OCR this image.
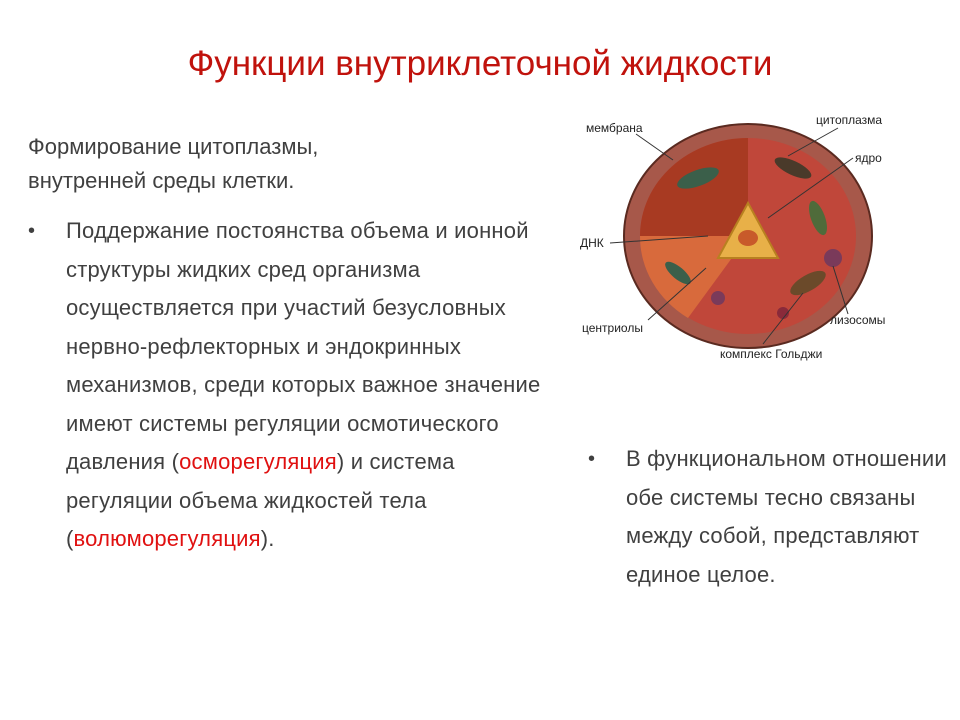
Функции внутриклеточной жидкости
Формирование цитоплазмы,
внутренней среды клетки.
•	Поддержание постоянства объема и ионной структуры жидких сред организма осуществляется при участий безусловных нервно-рефлекторных и эндокринных механизмов, среди которых важное значение имеют системы регуляции осмотического давления (осморегуляция) и система регуляции объема жидкостей тела (волюморегуляция).
•	В функциональном отношении обе системы тесно связаны между собой, представляют единое целое.
мембрана
цитоплазма
ядро
ДНК
центриолы
лизосомы
комплекс Гольджи
